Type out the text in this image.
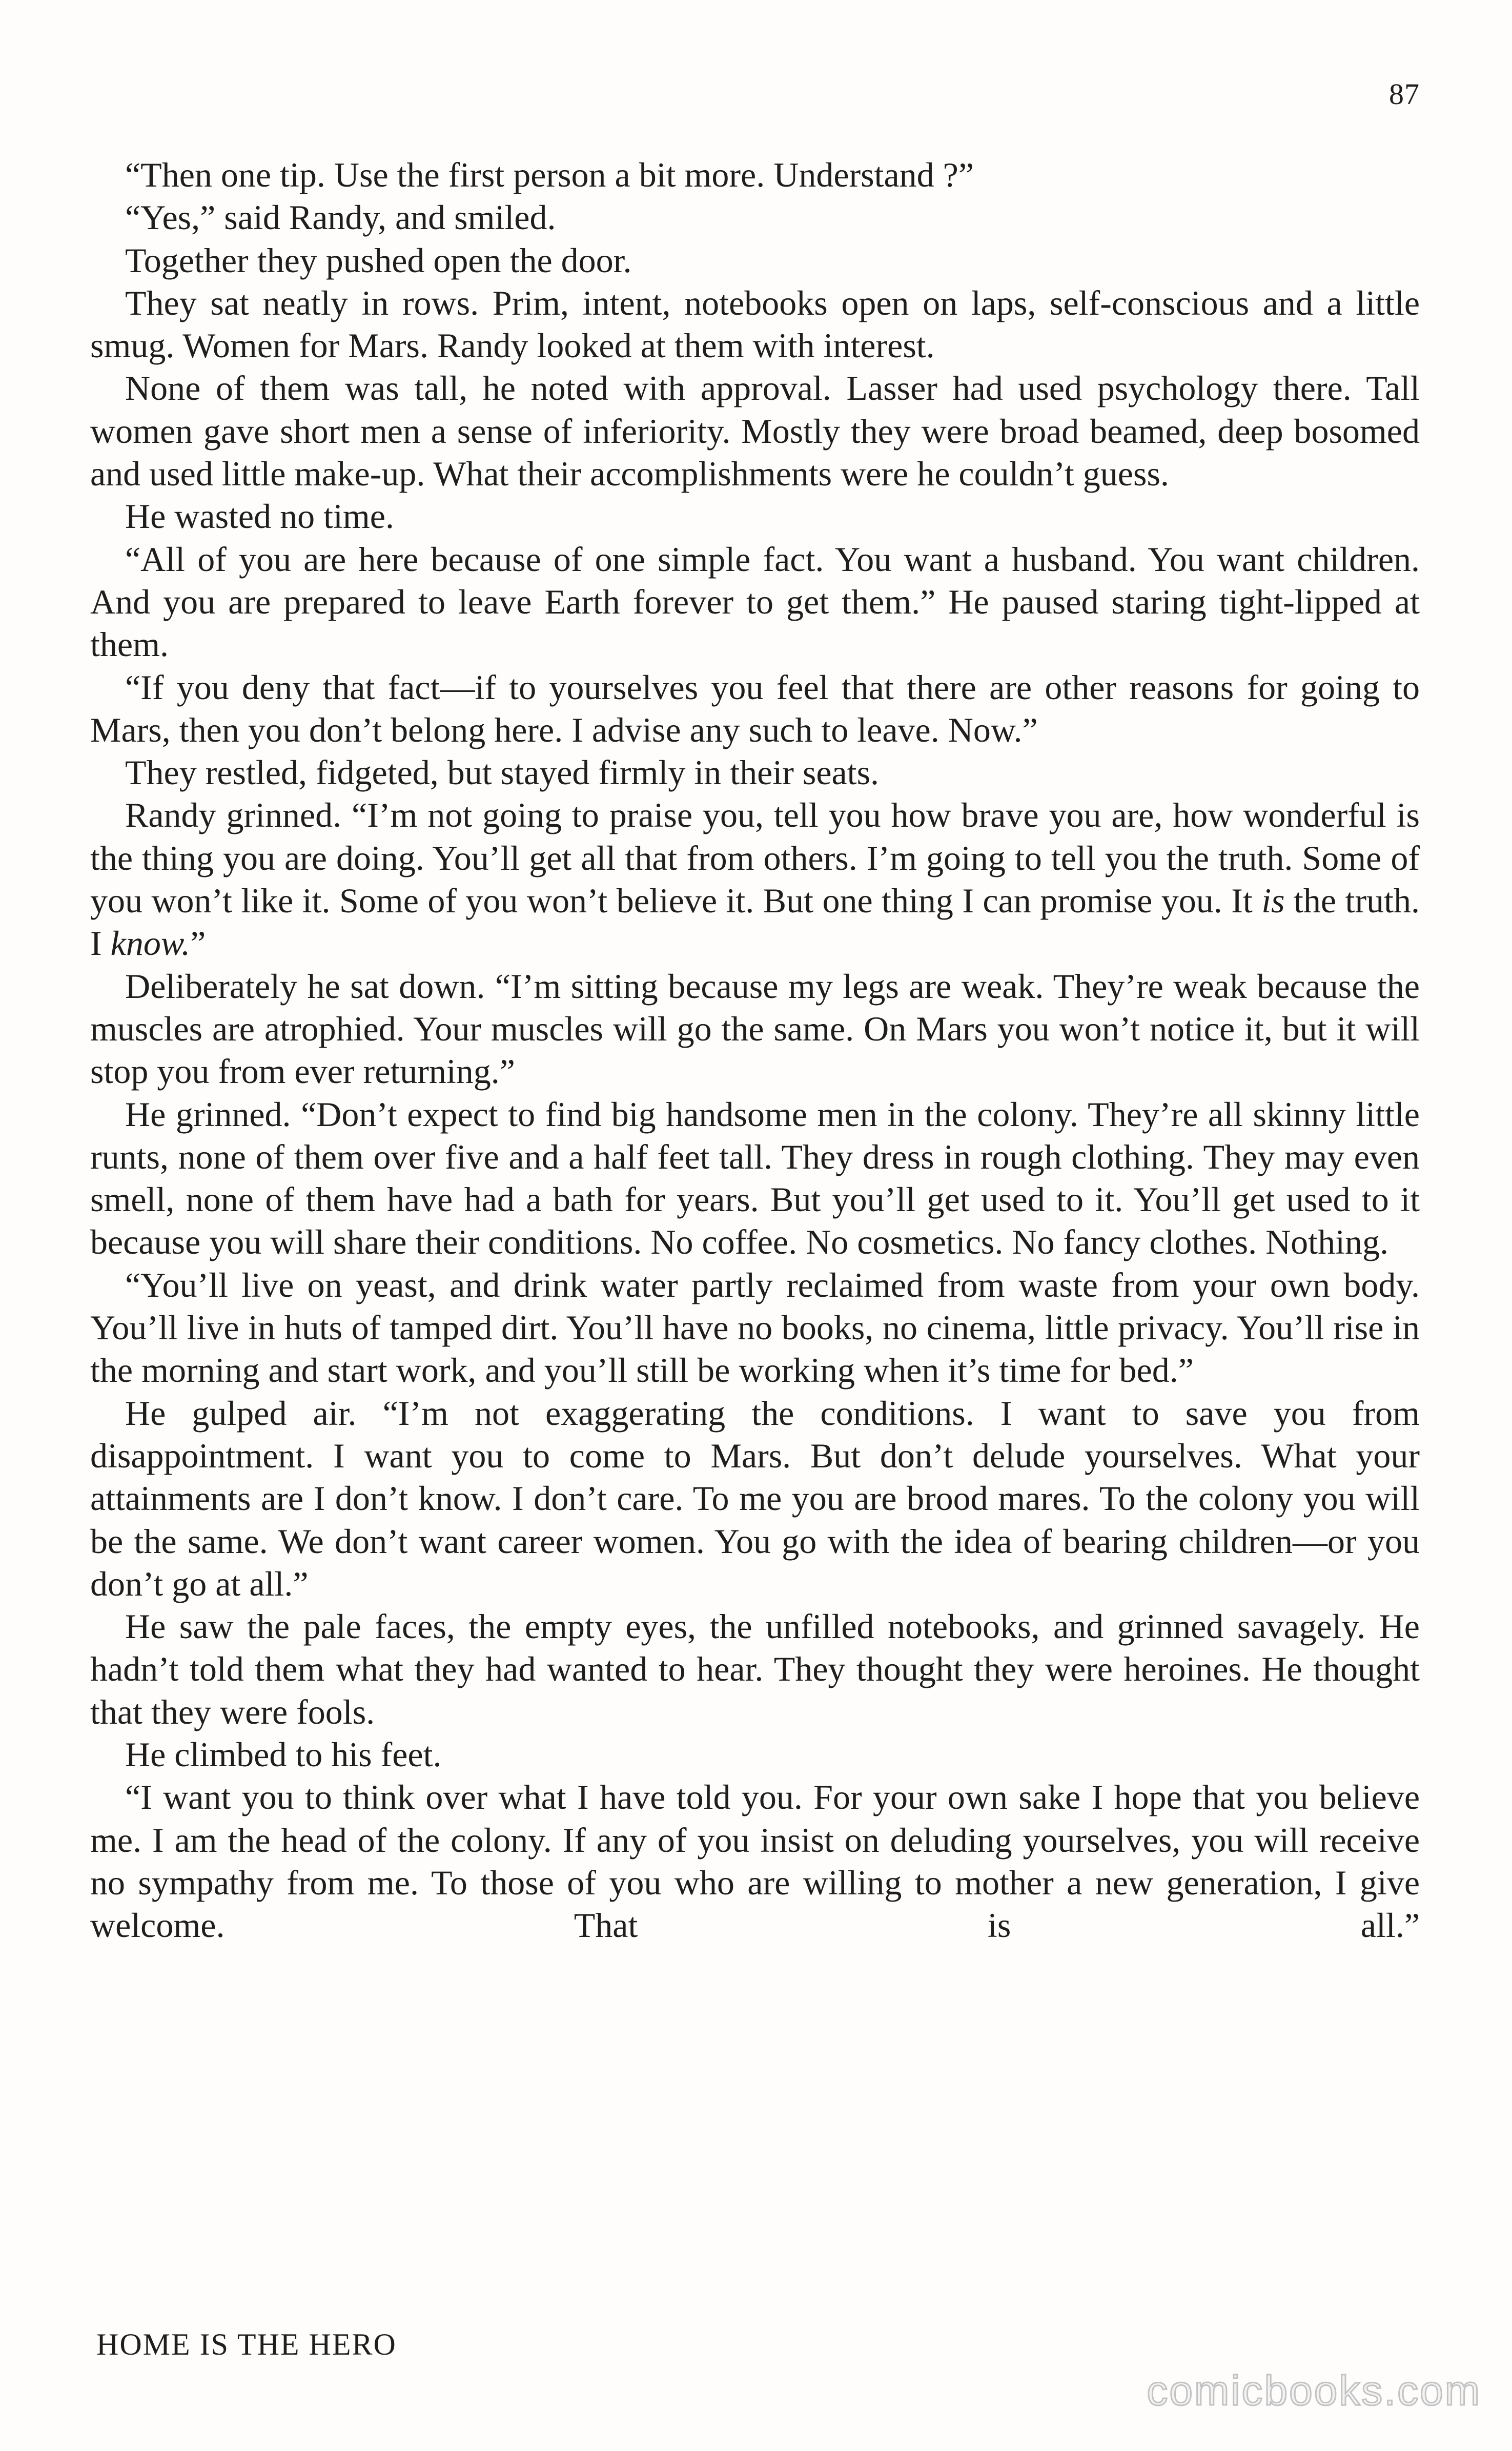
87

“Then one tip. Use the first person a bit more. Understand ?”

“Yes,” said Randy, and smiled.

Together they pushed open the door.

They sat neatly in rows. Prim, intent, notebooks open on laps, self-conscious and a little smug. Women for Mars. Randy looked at them with interest.

None of them was tall, he noted with approval. Lasser had used psychology there. Tall women gave short men a sense of inferiority. Mostly they were broad beamed, deep bosomed and used little make-up. What their accomplishments were he couldn’t guess.

He wasted no time.

“All of you are here because of one simple fact. You want a husband. You want children. And you are prepared to leave Earth forever to get them.” He paused staring tight-lipped at them.

“If you deny that fact—if to yourselves you feel that there are other reasons for going to Mars, then you don’t belong here. I advise any such to leave. Now.”

They restled, fidgeted, but stayed firmly in their seats.

Randy grinned. “I’m not going to praise you, tell you how brave you are, how wonderful is the thing you are doing. You’ll get all that from others. I’m going to tell you the truth. Some of you won’t like it. Some of you won’t believe it. But one thing I can promise you. It is the truth. I know.”

Deliberately he sat down. “I’m sitting because my legs are weak. They’re weak because the muscles are atrophied. Your muscles will go the same. On Mars you won’t notice it, but it will stop you from ever returning.”

He grinned. “Don’t expect to find big handsome men in the colony. They’re all skinny little runts, none of them over five and a half feet tall. They dress in rough clothing. They may even smell, none of them have had a bath for years. But you’ll get used to it. You’ll get used to it because you will share their conditions. No coffee. No cosmetics. No fancy clothes. Nothing.

“You’ll live on yeast, and drink water partly reclaimed from waste from your own body. You’ll live in huts of tamped dirt. You’ll have no books, no cinema, little privacy. You’ll rise in the morning and start work, and you’ll still be working when it’s time for bed.”

He gulped air. “I’m not exaggerating the conditions. I want to save you from disappointment. I want you to come to Mars. But don’t delude yourselves. What your attainments are I don’t know. I don’t care. To me you are brood mares. To the colony you will be the same. We don’t want career women. You go with the idea of bearing children—or you don’t go at all.”

He saw the pale faces, the empty eyes, the unfilled notebooks, and grinned savagely. He hadn’t told them what they had wanted to hear. They thought they were heroines. He thought that they were fools.

He climbed to his feet.

“I want you to think over what I have told you. For your own sake I hope that you believe me. I am the head of the colony. If any of you insist on deluding yourselves, you will receive no sympathy from me. To those of you who are willing to mother a new generation, I give welcome. That is all.”

HOME IS THE HERO
comicbooks.com
